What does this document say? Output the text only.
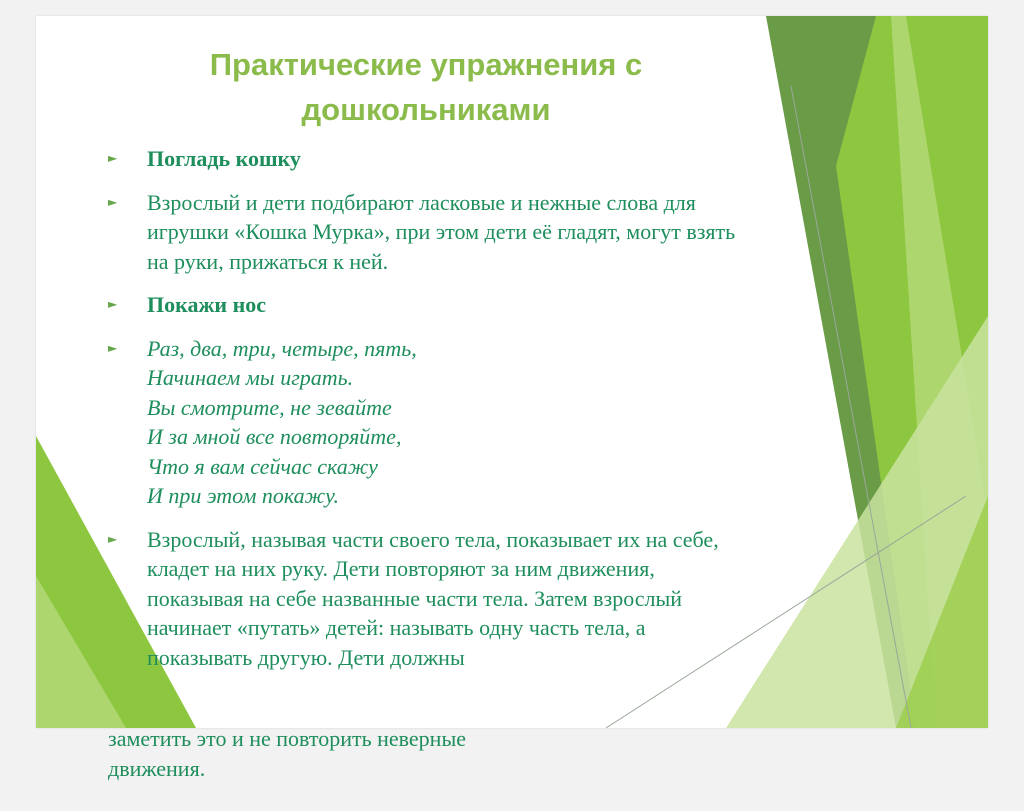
Практические упражнения с
дошкольниками
► Погладь кошку
► Взрослый и дети подбирают ласковые и нежные слова для игрушки «Кошка Мурка», при этом дети её гладят, могут взять на руки, прижаться к ней.
► Покажи нос
► Раз, два, три, четыре, пять,
Начинаем мы играть.
Вы смотрите, не зевайте
И за мной все повторяйте,
Что я вам сейчас скажу
И при этом покажу.
► Взрослый, называя части своего тела, показывает их на себе, кладет на них руку. Дети повторяют за ним движения, показывая на себе названные части тела. Затем взрослый начинает «путать» детей: называть одну часть тела, а показывать другую. Дети должны

заметить это и не повторить неверные
движения.
